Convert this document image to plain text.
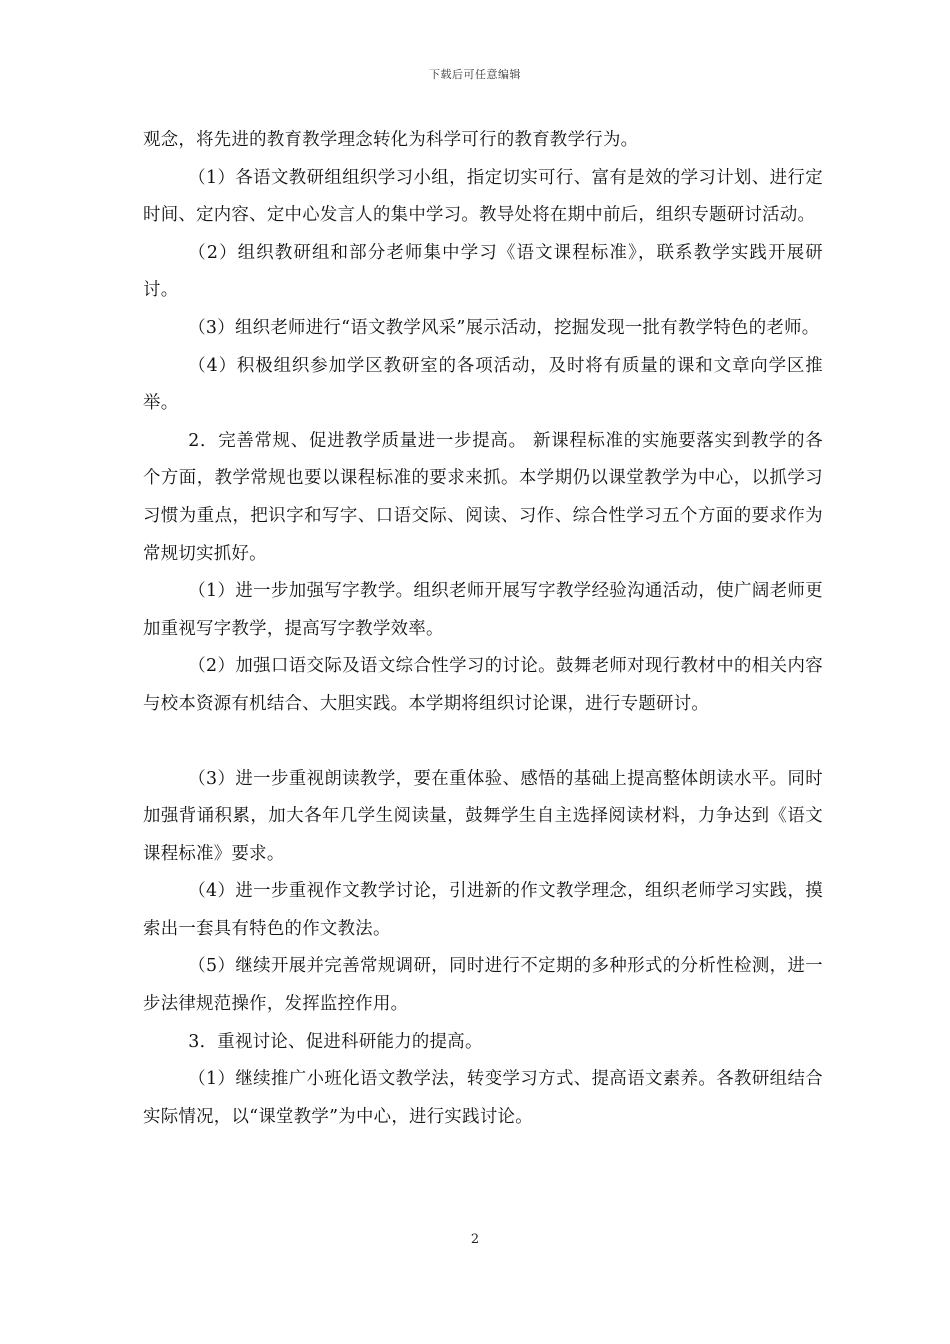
下载后可任意编辑

观念，将先进的教育教学理念转化为科学可行的教育教学行为。

（1）各语文教研组组织学习小组，指定切实可行、富有是效的学习计划、进行定时间、定内容、定中心发言人的集中学习。教导处将在期中前后，组织专题研讨活动。

（2）组织教研组和部分老师集中学习《语文课程标准》，联系教学实践开展研讨。

（3）组织老师进行“语文教学风采”展示活动，挖掘发现一批有教学特色的老师。

（4）积极组织参加学区教研室的各项活动，及时将有质量的课和文章向学区推举。

2．完善常规、促进教学质量进一步提高。 新课程标准的实施要落实到教学的各个方面，教学常规也要以课程标准的要求来抓。本学期仍以课堂教学为中心，以抓学习习惯为重点，把识字和写字、口语交际、阅读、习作、综合性学习五个方面的要求作为常规切实抓好。

（1）进一步加强写字教学。组织老师开展写字教学经验沟通活动，使广阔老师更加重视写字教学，提高写字教学效率。

（2）加强口语交际及语文综合性学习的讨论。鼓舞老师对现行教材中的相关内容与校本资源有机结合、大胆实践。本学期将组织讨论课，进行专题研讨。

（3）进一步重视朗读教学，要在重体验、感悟的基础上提高整体朗读水平。同时加强背诵积累，加大各年几学生阅读量，鼓舞学生自主选择阅读材料，力争达到《语文课程标准》要求。

（4）进一步重视作文教学讨论，引进新的作文教学理念，组织老师学习实践，摸索出一套具有特色的作文教法。

（5）继续开展并完善常规调研，同时进行不定期的多种形式的分析性检测，进一步法律规范操作，发挥监控作用。

3．重视讨论、促进科研能力的提高。

（1）继续推广小班化语文教学法，转变学习方式、提高语文素养。各教研组结合实际情况，以“课堂教学”为中心，进行实践讨论。

2
